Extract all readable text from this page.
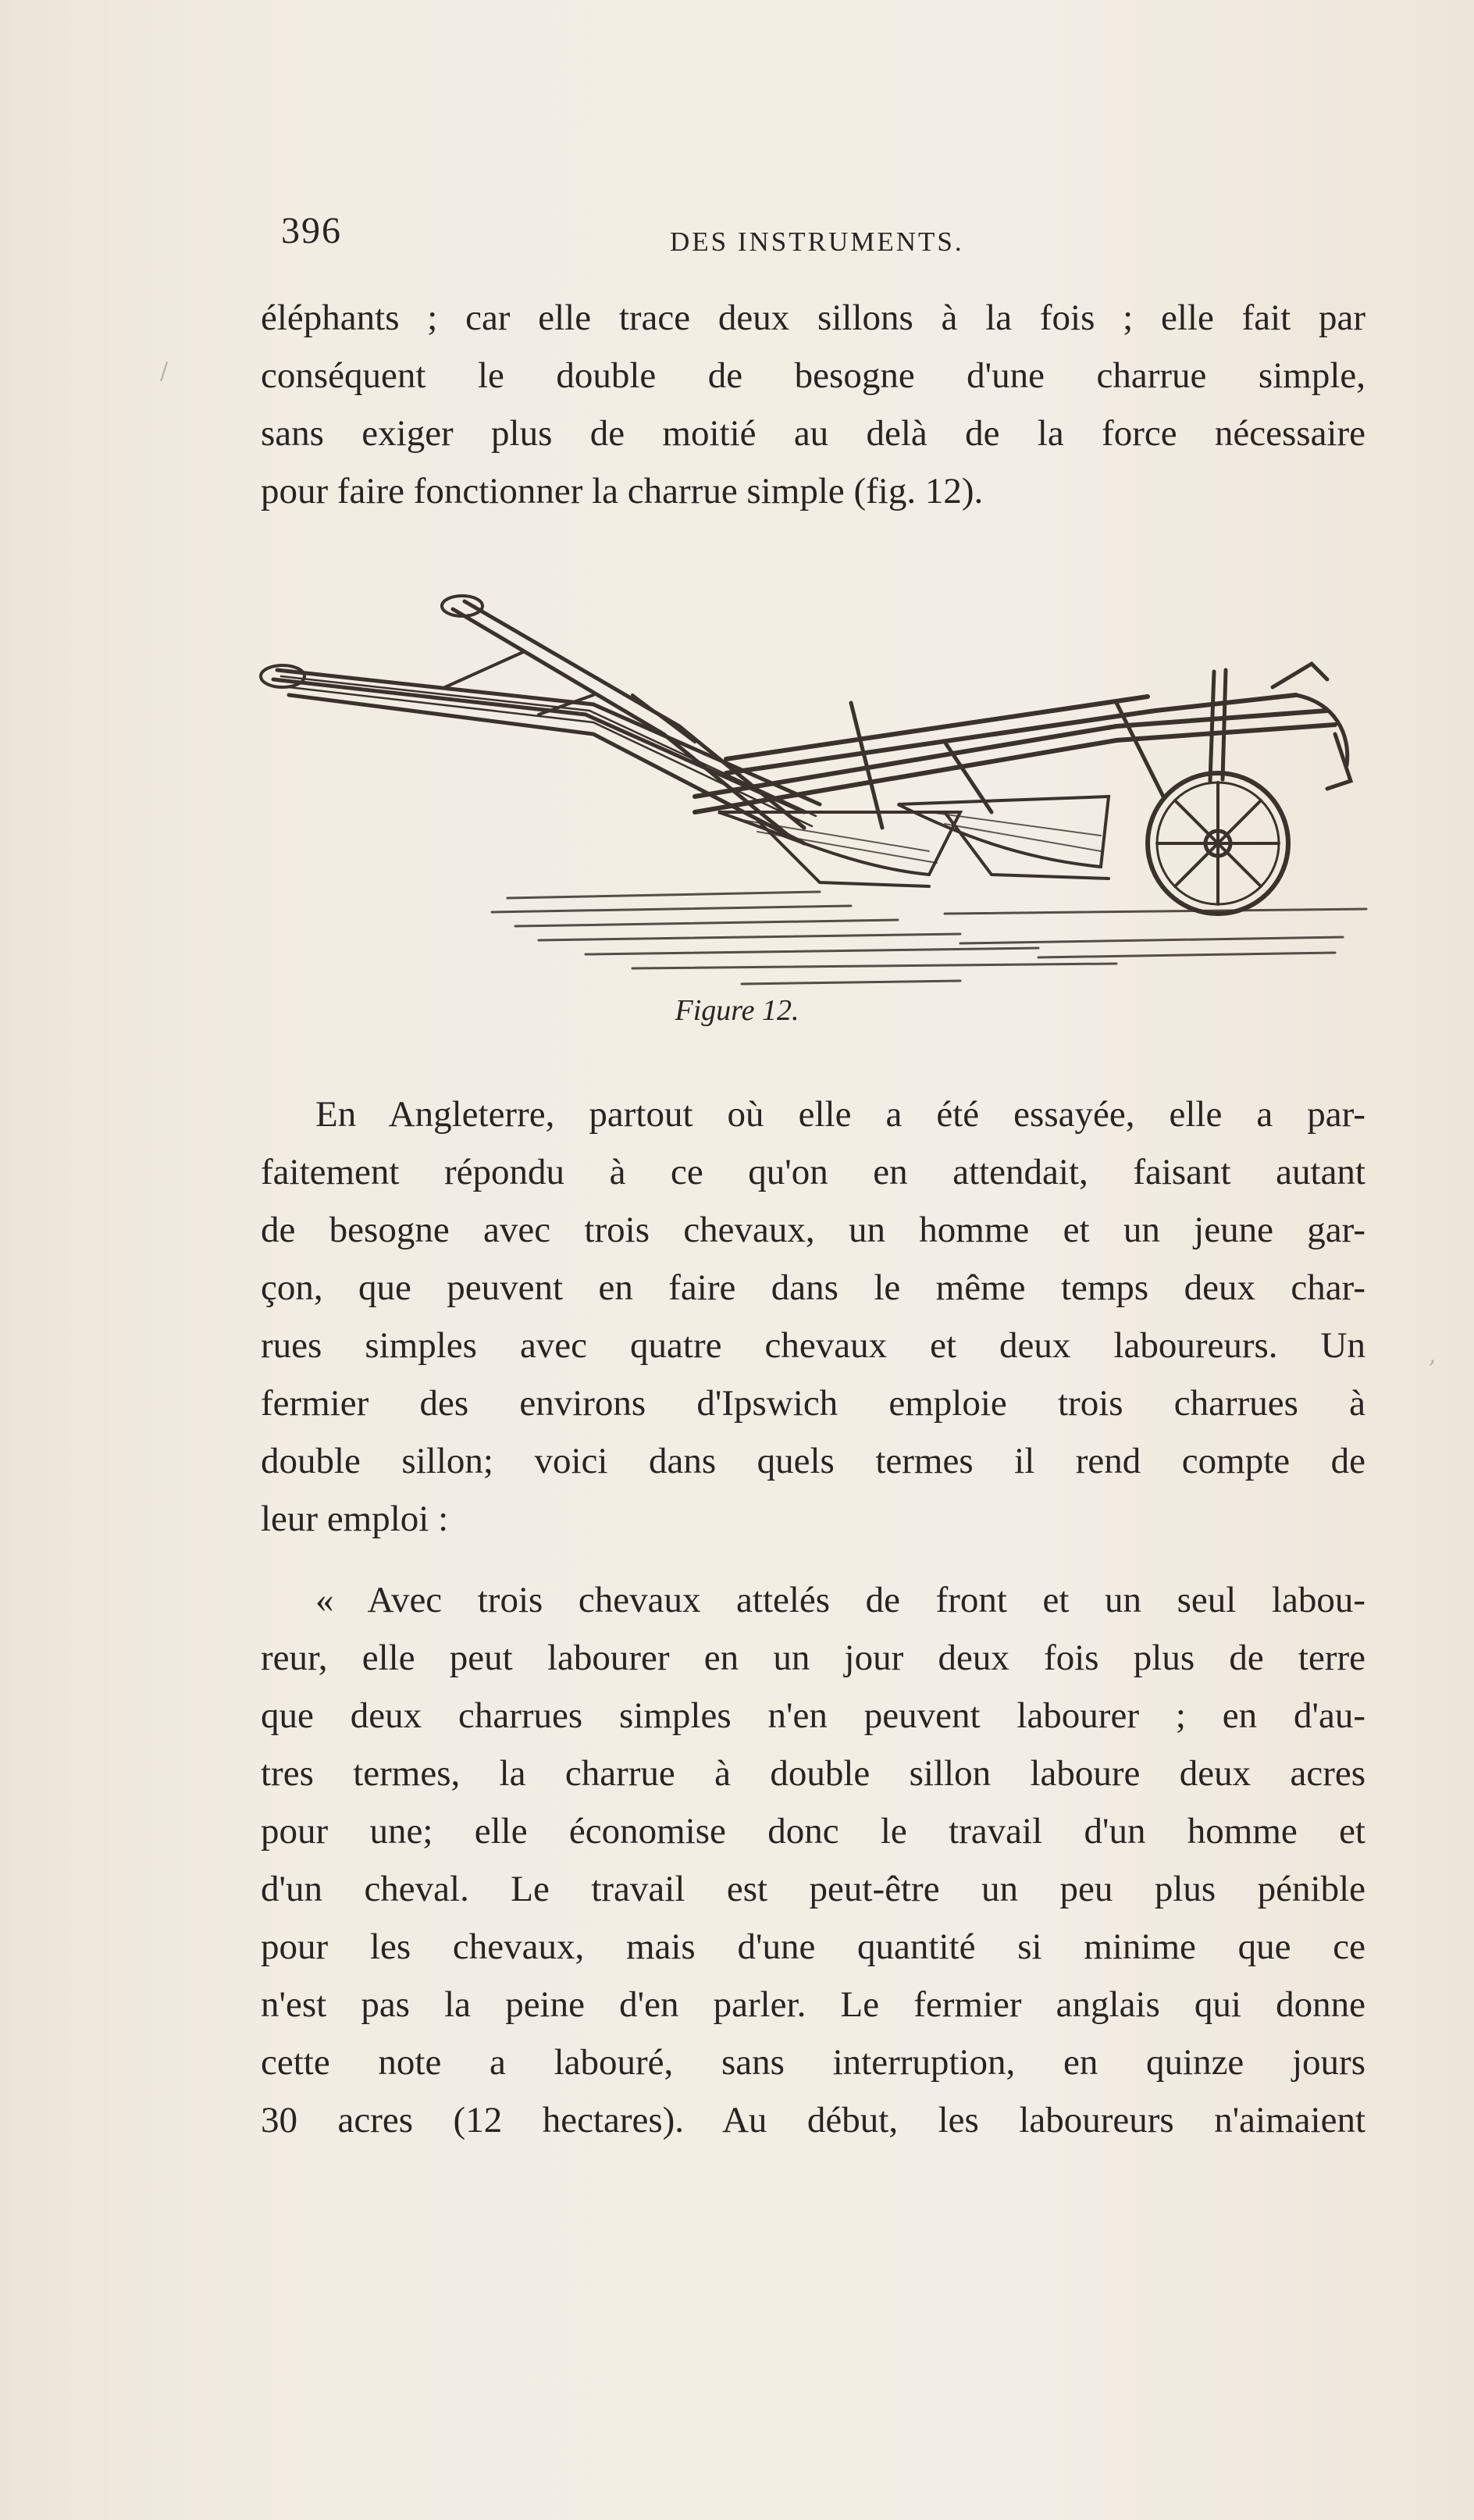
/
,
396	DES INSTRUMENTS.
éléphants ; car elle trace deux sillons à la fois ; elle fait par
conséquent le double de besogne d'une charrue simple,
sans exiger plus de moitié au delà de la force nécessaire
pour faire fonctionner la charrue simple (fig. 12).
Figure 12.
En Angleterre, partout où elle a été essayée, elle a par-
faitement répondu à ce qu'on en attendait, faisant autant
de besogne avec trois chevaux, un homme et un jeune gar-
çon, que peuvent en faire dans le même temps deux char-
rues simples avec quatre chevaux et deux laboureurs. Un
fermier des environs d'Ipswich emploie trois charrues à
double sillon; voici dans quels termes il rend compte de
leur emploi :
« Avec trois chevaux attelés de front et un seul labou-
reur, elle peut labourer en un jour deux fois plus de terre
que deux charrues simples n'en peuvent labourer ; en d'au-
tres termes, la charrue à double sillon laboure deux acres
pour une; elle économise donc le travail d'un homme et
d'un cheval. Le travail est peut-être un peu plus pénible
pour les chevaux, mais d'une quantité si minime que ce
n'est pas la peine d'en parler. Le fermier anglais qui donne
cette note a labouré, sans interruption, en quinze jours
30 acres (12 hectares). Au début, les laboureurs n'aimaient
